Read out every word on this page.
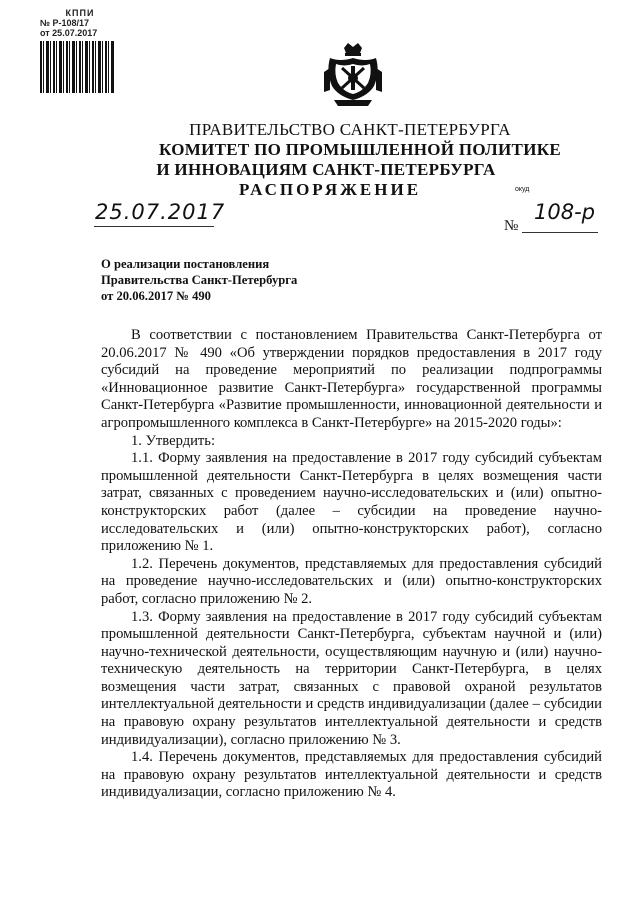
КППИ
№ Р-108/17
от 25.07.2017
ПРАВИТЕЛЬСТВО САНКТ-ПЕТЕРБУРГА
КОМИТЕТ ПО ПРОМЫШЛЕННОЙ ПОЛИТИКЕ
И ИННОВАЦИЯМ САНКТ-ПЕТЕРБУРГА
РАСПОРЯЖЕНИЕ	окуд
25.07.2017
№
108-р
О реализации постановления
Правительства Санкт-Петербурга
от 20.06.2017 № 490

В соответствии с постановлением Правительства Санкт-Петербурга от 20.06.2017 № 490 «Об утверждении порядков предоставления в 2017 году субсидий на проведение мероприятий по реализации подпрограммы «Инновационное развитие Санкт-Петербурга» государственной программы Санкт-Петербурга «Развитие промышленности, инновационной деятельности и агропромышленного комплекса в Санкт-Петербурге» на 2015-2020 годы»:

1. Утвердить:

1.1. Форму заявления на предоставление в 2017 году субсидий субъектам промышленной деятельности Санкт-Петербурга в целях возмещения части затрат, связанных с проведением научно-исследовательских и (или) опытно-конструкторских работ (далее – субсидии на проведение научно-исследовательских и (или) опытно-конструкторских работ), согласно приложению № 1.

1.2. Перечень документов, представляемых для предоставления субсидий на проведение научно-исследовательских и (или) опытно-конструкторских работ, согласно приложению № 2.

1.3. Форму заявления на предоставление в 2017 году субсидий субъектам промышленной деятельности Санкт-Петербурга, субъектам научной и (или) научно-технической деятельности, осуществляющим научную и (или) научно-техническую деятельность на территории Санкт-Петербурга, в целях возмещения части затрат, связанных с правовой охраной результатов интеллектуальной деятельности и средств индивидуализации (далее – субсидии на правовую охрану результатов интеллектуальной деятельности и средств индивидуализации), согласно приложению № 3.

1.4. Перечень документов, представляемых для предоставления субсидий на правовую охрану результатов интеллектуальной деятельности и средств индивидуализации, согласно приложению № 4.
